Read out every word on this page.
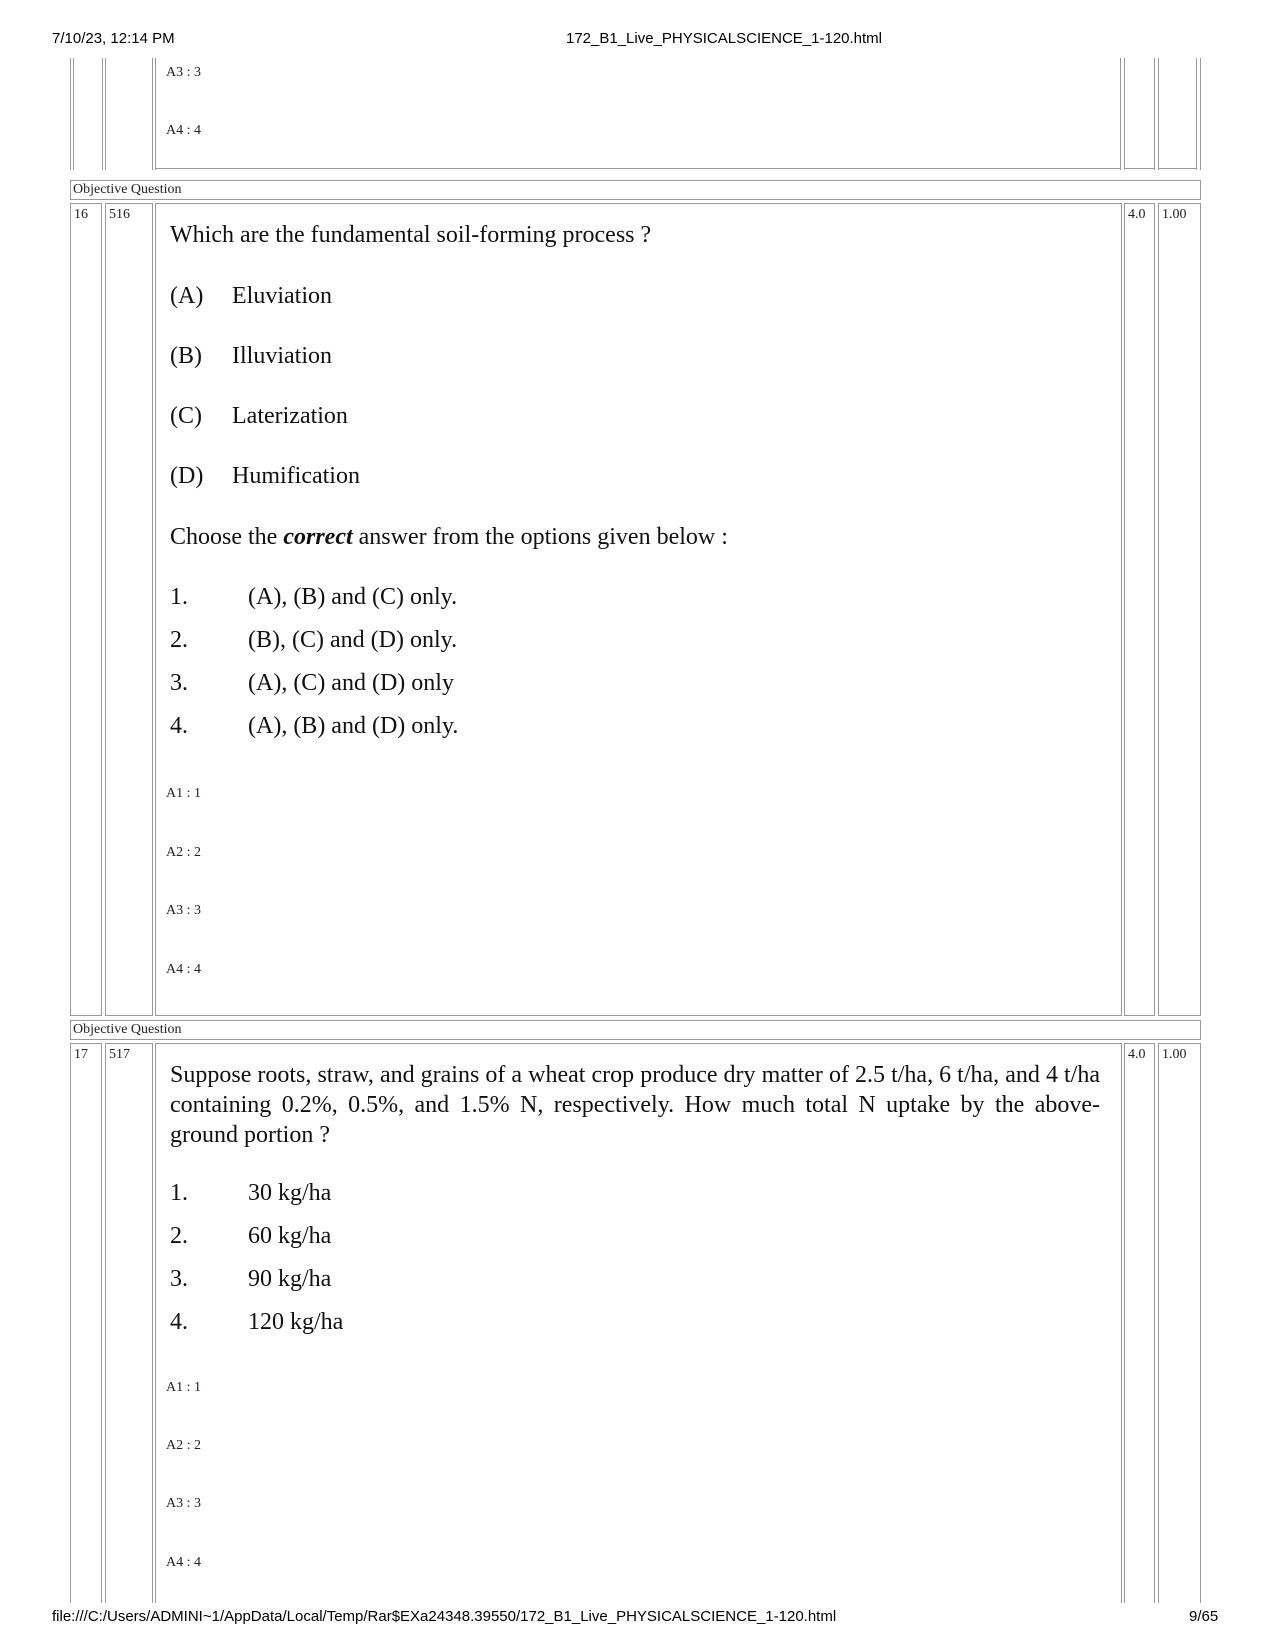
7/10/23, 12:14 PM	172_B1_Live_PHYSICALSCIENCE_1-120.html
A3 : 3
A4 : 4
Objective Question
16 516	4.0 1.00
Which are the fundamental soil-forming process ?
(A) Eluviation
(B) Illuviation
(C) Laterization
(D) Humification
Choose the correct answer from the options given below :
1.	(A), (B) and (C) only.
2.	(B), (C) and (D) only.
3.	(A), (C) and (D) only
4.	(A), (B) and (D) only.
A1 : 1
A2 : 2
A3 : 3
A4 : 4
Objective Question
17 517	4.0 1.00
Suppose roots, straw, and grains of a wheat crop produce dry matter of 2.5 t/ha, 6 t/ha, and 4 t/ha containing 0.2%, 0.5%, and 1.5% N, respectively. How much total N uptake by the above-ground portion ?
1.	30 kg/ha
2.	60 kg/ha
3.	90 kg/ha
4.	120 kg/ha
A1 : 1
A2 : 2
A3 : 3
A4 : 4
file:///C:/Users/ADMINI~1/AppData/Local/Temp/Rar$EXa24348.39550/172_B1_Live_PHYSICALSCIENCE_1-120.html	9/65
